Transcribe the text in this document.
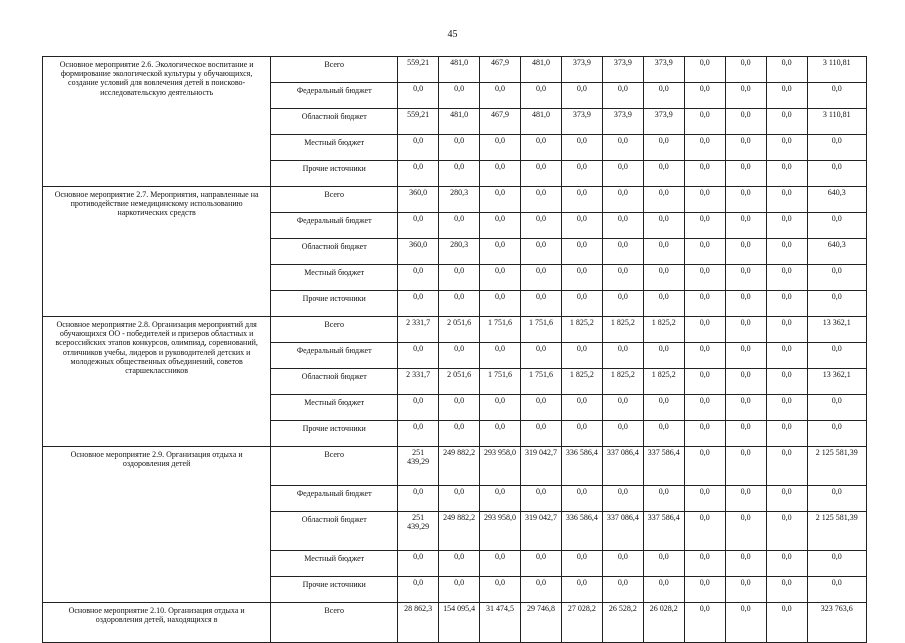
45
Основное мероприятие 2.6. Экологическое воспитание и формирование экологической культуры у обучающихся, создание условий для вовлечения детей в поисково-исследовательскую деятельность	Всего	559,21	481,0	467,9	481,0	373,9	373,9	373,9	0,0	0,0	0,0	3 110,81
	Федеральный бюджет	0,0	0,0	0,0	0,0	0,0	0,0	0,0	0,0	0,0	0,0	0,0
	Областной бюджет	559,21	481,0	467,9	481,0	373,9	373,9	373,9	0,0	0,0	0,0	3 110,81
	Местный бюджет	0,0	0,0	0,0	0,0	0,0	0,0	0,0	0,0	0,0	0,0	0,0
	Прочие источники	0,0	0,0	0,0	0,0	0,0	0,0	0,0	0,0	0,0	0,0	0,0
Основное мероприятие 2.7. Мероприятия, направленные на противодействие немедицинскому использованию наркотических средств	Всего	360,0	280,3	0,0	0,0	0,0	0,0	0,0	0,0	0,0	0,0	640,3
	Федеральный бюджет	0,0	0,0	0,0	0,0	0,0	0,0	0,0	0,0	0,0	0,0	0,0
	Областной бюджет	360,0	280,3	0,0	0,0	0,0	0,0	0,0	0,0	0,0	0,0	640,3
	Местный бюджет	0,0	0,0	0,0	0,0	0,0	0,0	0,0	0,0	0,0	0,0	0,0
	Прочие источники	0,0	0,0	0,0	0,0	0,0	0,0	0,0	0,0	0,0	0,0	0,0
Основное мероприятие 2.8. Организация мероприятий для обучающихся ОО - победителей и призеров областных и всероссийских этапов конкурсов, олимпиад, соревнований, отличников учебы, лидеров и руководителей детских и молодежных общественных объединений, советов старшеклассников	Всего	2 331,7	2 051,6	1 751,6	1 751,6	1 825,2	1 825,2	1 825,2	0,0	0,0	0,0	13 362,1
	Федеральный бюджет	0,0	0,0	0,0	0,0	0,0	0,0	0,0	0,0	0,0	0,0	0,0
	Областной бюджет	2 331,7	2 051,6	1 751,6	1 751,6	1 825,2	1 825,2	1 825,2	0,0	0,0	0,0	13 362,1
	Местный бюджет	0,0	0,0	0,0	0,0	0,0	0,0	0,0	0,0	0,0	0,0	0,0
	Прочие источники	0,0	0,0	0,0	0,0	0,0	0,0	0,0	0,0	0,0	0,0	0,0
Основное мероприятие 2.9. Организация отдыха и оздоровления детей	Всего	251 439,29	249 882,2	293 958,0	319 042,7	336 586,4	337 086,4	337 586,4	0,0	0,0	0,0	2 125 581,39
	Федеральный бюджет	0,0	0,0	0,0	0,0	0,0	0,0	0,0	0,0	0,0	0,0	0,0
	Областной бюджет	251 439,29	249 882,2	293 958,0	319 042,7	336 586,4	337 086,4	337 586,4	0,0	0,0	0,0	2 125 581,39
	Местный бюджет	0,0	0,0	0,0	0,0	0,0	0,0	0,0	0,0	0,0	0,0	0,0
	Прочие источники	0,0	0,0	0,0	0,0	0,0	0,0	0,0	0,0	0,0	0,0	0,0
Основное мероприятие 2.10. Организация отдыха и оздоровления детей, находящихся в	Всего	28 862,3	154 095,4	31 474,5	29 746,8	27 028,2	26 528,2	26 028,2	0,0	0,0	0,0	323 763,6
